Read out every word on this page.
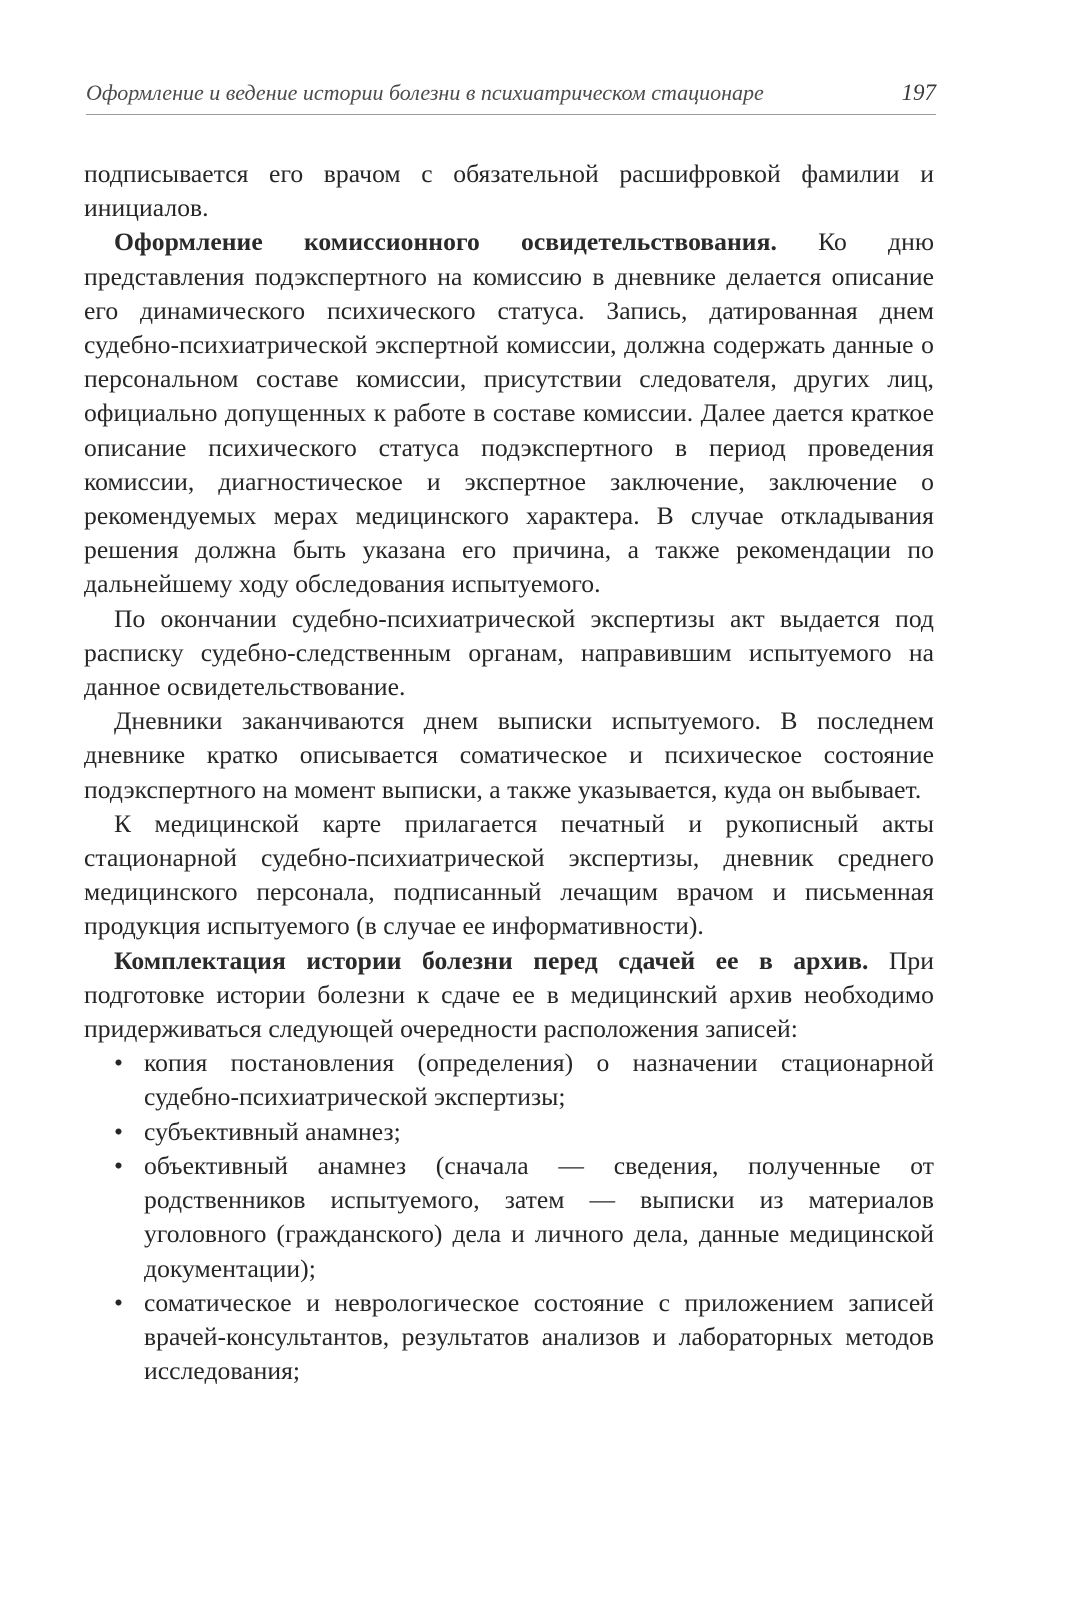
Оформление и ведение истории болезни в психиатрическом стационаре	197

подписывается его врачом с обязательной расшифровкой фамилии и инициалов.

Оформление комиссионного освидетельствования. Ко дню представления подэкспертного на комиссию в дневнике делается описание его динамического психического статуса. Запись, датированная днем судебно-психиатрической экспертной комиссии, должна содержать данные о персональном составе комиссии, присутствии следователя, других лиц, официально допущенных к работе в составе комиссии. Далее дается краткое описание психического статуса подэкспертного в период проведения комиссии, диагностическое и экспертное заключение, заключение о рекомендуемых мерах медицинского характера. В случае откладывания решения должна быть указана его причина, а также рекомендации по дальнейшему ходу обследования испытуемого.

По окончании судебно-психиатрической экспертизы акт выдается под расписку судебно-следственным органам, направившим испытуемого на данное освидетельствование.

Дневники заканчиваются днем выписки испытуемого. В последнем дневнике кратко описывается соматическое и психическое состояние подэкспертного на момент выписки, а также указывается, куда он выбывает.

К медицинской карте прилагается печатный и рукописный акты стационарной судебно-психиатрической экспертизы, дневник среднего медицинского персонала, подписанный лечащим врачом и письменная продукция испытуемого (в случае ее информативности).

Комплектация истории болезни перед сдачей ее в архив. При подготовке истории болезни к сдаче ее в медицинский архив необходимо придерживаться следующей очередности расположения записей:

• копия постановления (определения) о назначении стационарной судебно-психиатрической экспертизы;
• субъективный анамнез;
• объективный анамнез (сначала — сведения, полученные от родственников испытуемого, затем — выписки из материалов уголовного (гражданского) дела и личного дела, данные медицинской документации);
• соматическое и неврологическое состояние с приложением записей врачей-консультантов, результатов анализов и лабораторных методов исследования;
